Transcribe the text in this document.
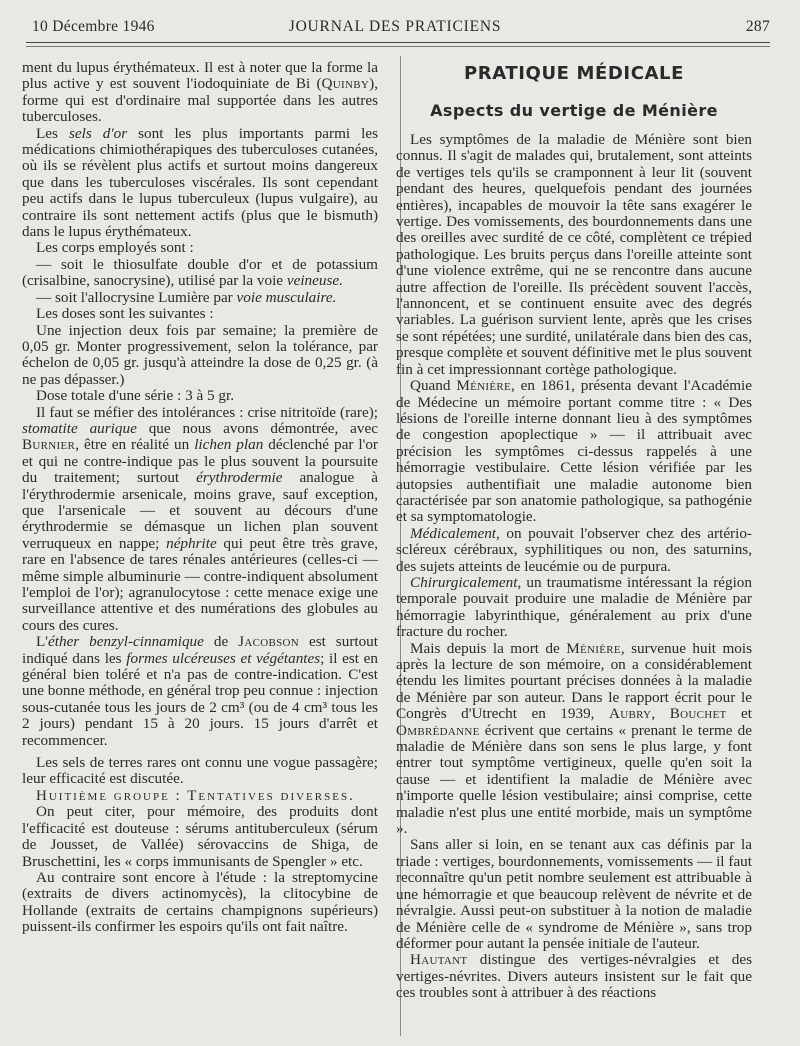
10 Décembre 1946	JOURNAL DES PRATICIENS	287

ment du lupus érythémateux. Il est à noter que la forme la plus active y est souvent l'iodoquiniate de Bi (Quinby), forme qui est d'ordinaire mal supportée dans les autres tuberculoses.

Les sels d'or sont les plus importants parmi les médications chimiothérapiques des tuberculoses cutanées, où ils se révèlent plus actifs et surtout moins dangereux que dans les tuberculoses viscérales. Ils sont cependant peu actifs dans le lupus tuberculeux (lupus vulgaire), au contraire ils sont nettement actifs (plus que le bismuth) dans le lupus érythémateux.

Les corps employés sont :

— soit le thiosulfate double d'or et de potassium (crisalbine, sanocrysine), utilisé par la voie veineuse.

— soit l'allocrysine Lumière par voie musculaire.

Les doses sont les suivantes :

Une injection deux fois par semaine; la première de 0,05 gr. Monter progressivement, selon la tolérance, par échelon de 0,05 gr. jusqu'à atteindre la dose de 0,25 gr. (à ne pas dépasser.)

Dose totale d'une série : 3 à 5 gr.

Il faut se méfier des intolérances : crise nitritoïde (rare); stomatite aurique que nous avons démontrée, avec Burnier, être en réalité un lichen plan déclenché par l'or et qui ne contre-indique pas le plus souvent la poursuite du traitement; surtout érythrodermie analogue à l'érythrodermie arsenicale, moins grave, sauf exception, que l'arsenicale — et souvent au décours d'une érythrodermie se démasque un lichen plan souvent verruqueux en nappe; néphrite qui peut être très grave, rare en l'absence de tares rénales antérieures (celles-ci — même simple albuminurie — contre-indiquent absolument l'emploi de l'or); agranulocytose : cette menace exige une surveillance attentive et des numérations des globules au cours des cures.

L'éther benzyl-cinnamique de Jacobson est surtout indiqué dans les formes ulcéreuses et végétantes; il est en général bien toléré et n'a pas de contre-indication. C'est une bonne méthode, en général trop peu connue : injection sous-cutanée tous les jours de 2 cm³ (ou de 4 cm³ tous les 2 jours) pendant 15 à 20 jours. 15 jours d'arrêt et recommencer.

Les sels de terres rares ont connu une vogue passagère; leur efficacité est discutée.

Huitième groupe : Tentatives diverses.

On peut citer, pour mémoire, des produits dont l'efficacité est douteuse : sérums antituberculeux (sérum de Jousset, de Vallée) sérovaccins de Shiga, de Bruschettini, les « corps immunisants de Spengler » etc.

Au contraire sont encore à l'étude : la streptomycine (extraits de divers actinomycès), la clitocybine de Hollande (extraits de certains champignons supérieurs) puissent-ils confirmer les espoirs qu'ils ont fait naître.

PRATIQUE MÉDICALE
Aspects du vertige de Ménière

Les symptômes de la maladie de Ménière sont bien connus. Il s'agit de malades qui, brutalement, sont atteints de vertiges tels qu'ils se cramponnent à leur lit (souvent pendant des heures, quelquefois pendant des journées entières), incapables de mouvoir la tête sans exagérer le vertige. Des vomissements, des bourdonnements dans une des oreilles avec surdité de ce côté, complètent ce trépied pathologique. Les bruits perçus dans l'oreille atteinte sont d'une violence extrême, qui ne se rencontre dans aucune autre affection de l'oreille. Ils précèdent souvent l'accès, l'annoncent, et se continuent ensuite avec des degrés variables. La guérison survient lente, après que les crises se sont répétées; une surdité, unilatérale dans bien des cas, presque complète et souvent définitive met le plus souvent fin à cet impressionnant cortège pathologique.

Quand Ménière, en 1861, présenta devant l'Académie de Médecine un mémoire portant comme titre : « Des lésions de l'oreille interne donnant lieu à des symptômes de congestion apoplectique » — il attribuait avec précision les symptômes ci-dessus rappelés à une hémorragie vestibulaire. Cette lésion vérifiée par les autopsies authentifiait une maladie autonome bien caractérisée par son anatomie pathologique, sa pathogénie et sa symptomatologie.

Médicalement, on pouvait l'observer chez des artério-scléreux cérébraux, syphilitiques ou non, des saturnins, des sujets atteints de leucémie ou de purpura.

Chirurgicalement, un traumatisme intéressant la région temporale pouvait produire une maladie de Ménière par hémorragie labyrinthique, généralement au prix d'une fracture du rocher.

Mais depuis la mort de Ménière, survenue huit mois après la lecture de son mémoire, on a considérablement étendu les limites pourtant précises données à la maladie de Ménière par son auteur. Dans le rapport écrit pour le Congrès d'Utrecht en 1939, Aubry, Bouchet et Ombrédanne écrivent que certains « prenant le terme de maladie de Ménière dans son sens le plus large, y font entrer tout symptôme vertigineux, quelle qu'en soit la cause — et identifient la maladie de Ménière avec n'importe quelle lésion vestibulaire; ainsi comprise, cette maladie n'est plus une entité morbide, mais un symptôme ».

Sans aller si loin, en se tenant aux cas définis par la triade : vertiges, bourdonnements, vomissements — il faut reconnaître qu'un petit nombre seulement est attribuable à une hémorragie et que beaucoup relèvent de névrite et de névralgie. Aussi peut-on substituer à la notion de maladie de Ménière celle de « syndrome de Ménière », sans trop déformer pour autant la pensée initiale de l'auteur.

Hautant distingue des vertiges-névralgies et des vertiges-névrites. Divers auteurs insistent sur le fait que ces troubles sont à attribuer à des réactions
